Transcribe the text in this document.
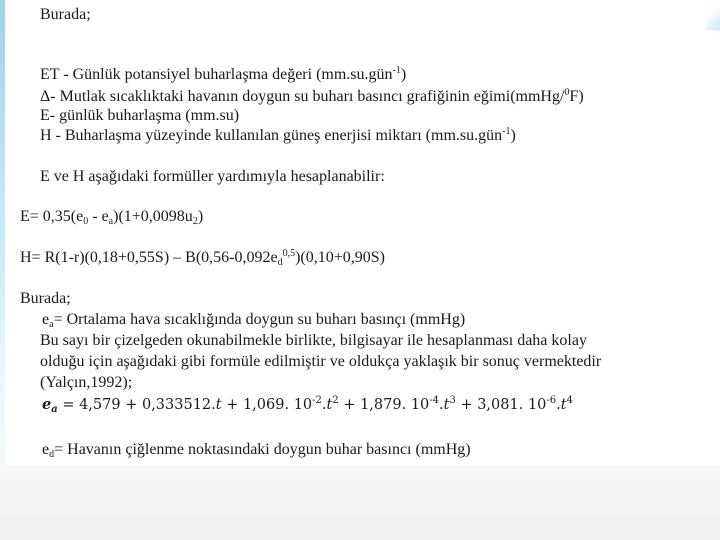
Burada;
ET - Günlük potansiyel buharlaşma değeri (mm.su.gün$^{-1}$)
Δ- Mutlak sıcaklıktaki havanın doygun su buharı basıncı grafiğinin eğimi(mmHg/$^0$F)
E- günlük buharlaşma (mm.su)
H - Buharlaşma yüzeyinde kullanılan güneş enerjisi miktarı (mm.su.gün$^{-1}$)
E ve H aşağıdaki formüller yardımıyla hesaplanabilir:
$E= 0,35(e_0 - e_a)(1+0,0098u_2)$
$H= R(1-r)(0,18+0,55S) - B(0,56-0,092e_d^{0,5})(0,10+0,90S)$
Burada;
$e_a=$ Ortalama hava sıcaklığında doygun su buharı basınçı (mmHg)
Bu sayı bir çizelgeden okunabilmekle birlikte, bilgisayar ile hesaplanması daha kolay
olduğu için aşağıdaki gibi formüle edilmiştir ve oldukça yaklaşık bir sonuç vermektedir
(Yalçın,1992);
$e_a = 4,579 + 0,333512.t + 1,069$. $10^{-2}.t^2 + 1,879$. $10^{-4}.t^3 + 3,081$. $10^{-6}.t^4$
$e_d=$ Havanın çiğlenme noktasındaki doygun buhar basıncı (mmHg)
